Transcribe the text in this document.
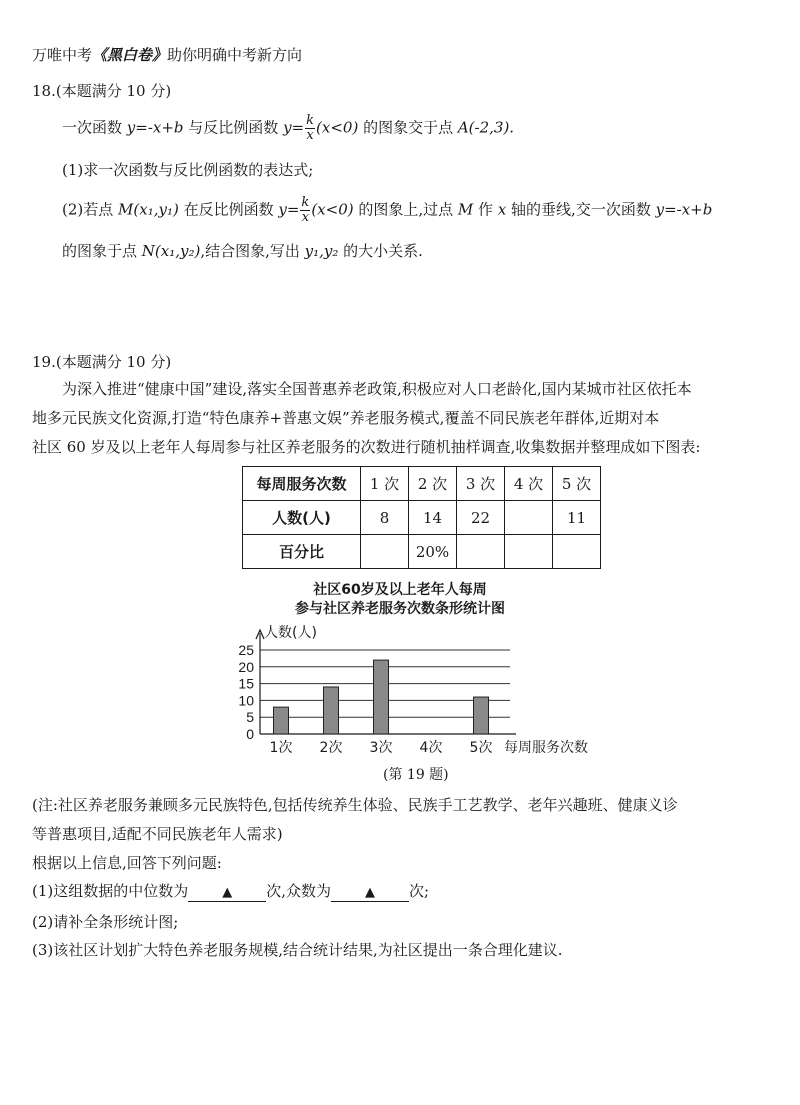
万唯中考《黑白卷》助你明确中考新方向
18.(本题满分 10 分)
一次函数 y=-x+b 与反比例函数 $y= \frac{k}{x} (x<0)$ 的图象交于点 A(-2,3).
(1)求一次函数与反比例函数的表达式;
(2)若点 M(x₁,y₁) 在反比例函数 $y= \frac{k}{x} (x<0)$ 的图象上,过点 M 作 x 轴的垂线,交一次函数 y=-x+b
的图象于点 N(x₁,y₂),结合图象,写出 y₁,y₂ 的大小关系.
19.(本题满分 10 分)
为深入推进“健康中国”建设,落实全国普惠养老政策,积极应对人口老龄化,国内某城市社区依托本
地多元民族文化资源,打造“特色康养+普惠文娱”养老服务模式,覆盖不同民族老年群体,近期对本
社区 60 岁及以上老年人每周参与社区养老服务的次数进行随机抽样调查,收集数据并整理成如下图表:
每周服务次数	1 次	2 次	3 次	4 次	5 次
人数(人)	8	14	22		11
百分比		20%			
社区60岁及以上老年人每周
参与社区养老服务次数条形统计图
0
5
10
15
20
25
人数(人)
每周服务次数
1次 2次 3次 4次 5次
(第 19 题)
(注:社区养老服务兼顾多元民族特色,包括传统养生体验、民族手工艺教学、老年兴趣班、健康义诊
等普惠项目,适配不同民族老年人需求)
根据以上信息,回答下列问题:
(1)这组数据的中位数为	▲ 次,众数为	▲ 次;
(2)请补全条形统计图;
(3)该社区计划扩大特色养老服务规模,结合统计结果,为社区提出一条合理化建议.
